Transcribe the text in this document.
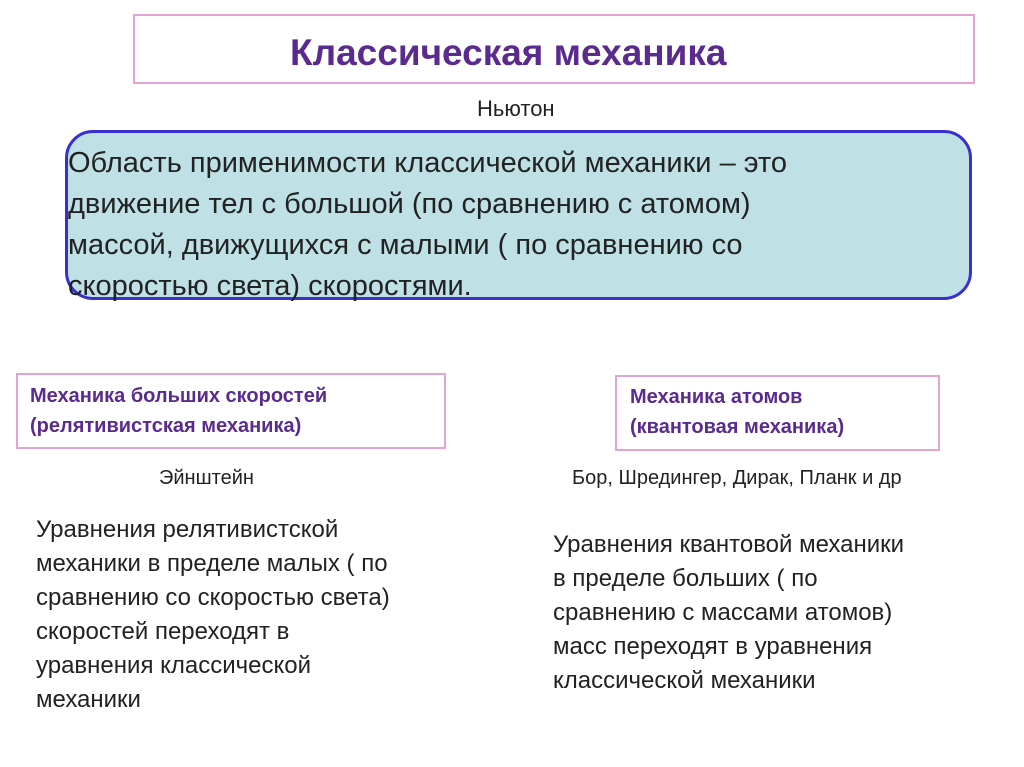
Классическая механика
Ньютон

Область применимости классической механики – это
движение тел с большой (по сравнению с атомом)
массой, движущихся с малыми ( по сравнению со
скоростью света) скоростями.

Механика больших скоростей
(релятивистская механика)

Механика атомов
(квантовая механика)

Эйнштейн	Бор, Шредингер, Дирак, Планк и др

Уравнения релятивистской
механики в пределе малых ( по
сравнению со скоростью света)
скоростей переходят в
уравнения классической
механики

Уравнения квантовой механики
в пределе больших ( по
сравнению с массами атомов)
масс переходят в уравнения
классической механики
